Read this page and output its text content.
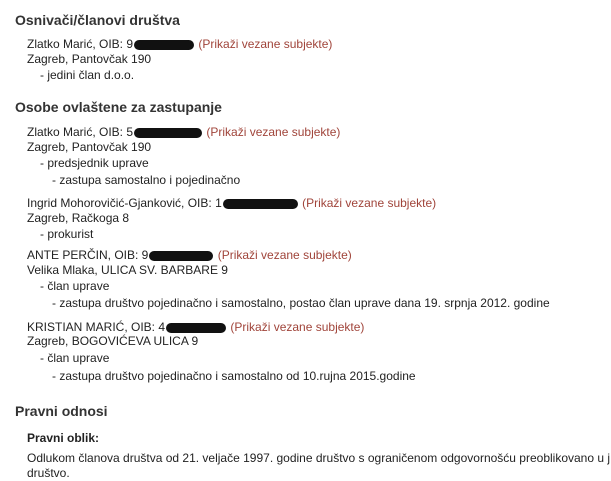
Osnivači/članovi društva
Zlatko Marić, OIB: 9	(Prikaži vezane subjekte)
Zagreb, Pantovčak 190
- jedini član d.o.o.
Osobe ovlaštene za zastupanje
Zlatko Marić, OIB: 5	(Prikaži vezane subjekte)
Zagreb, Pantovčak 190
- predsjednik uprave
- zastupa samostalno i pojedinačno
Ingrid Mohorovičić-Gjanković, OIB: 1	(Prikaži vezane subjekte)
Zagreb, Račkoga 8
- prokurist
ANTE PERČIN, OIB: 9	(Prikaži vezane subjekte)
Velika Mlaka, ULICA SV. BARBARE 9
- član uprave
- zastupa društvo pojedinačno i samostalno, postao član uprave dana 19. srpnja 2012. godine
KRISTIAN MARIĆ, OIB: 4	(Prikaži vezane subjekte)
Zagreb, BOGOVIĆEVA ULICA 9
- član uprave
- zastupa društvo pojedinačno i samostalno od 10.rujna 2015.godine
Pravni odnosi
Pravni oblik:
Odlukom članova društva od 21. veljače 1997. godine društvo s ograničenom odgovornošću preoblikovano u j društvo.
